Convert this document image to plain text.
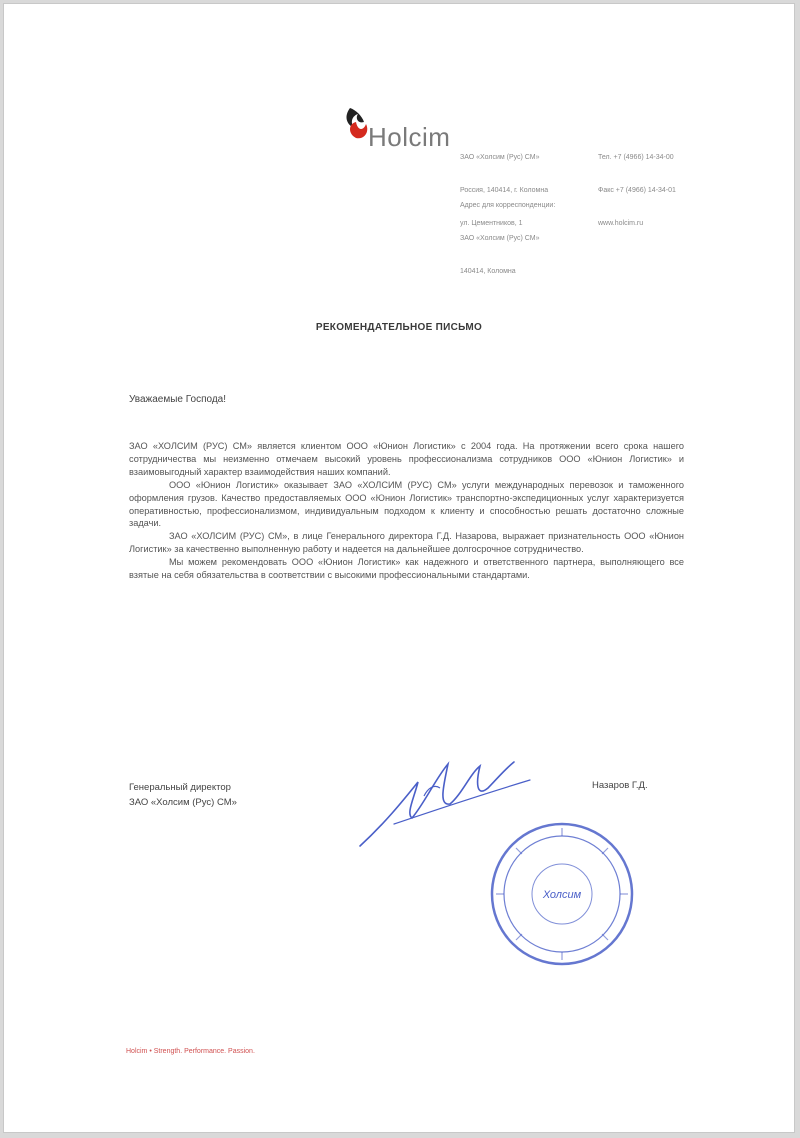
Holcim

ЗАО «Холсим (Рус) СМ»

Россия, 140414, г. Коломна

ул. Цементников, 1

Тел. +7 (4966) 14-34-00

Факс +7 (4966) 14-34-01

www.holcim.ru

Адрес для корреспонденции:

ЗАО «Холсим (Рус) СМ»

140414, Коломна

РЕКОМЕНДАТЕЛЬНОЕ ПИСЬМО
Уважаемые Господа!

ЗАО «ХОЛСИМ (РУС) СМ» является клиентом ООО «Юнион Логистик» с 2004 года. На протяжении всего срока нашего сотрудничества мы неизменно отмечаем высокий уровень профессионализма сотрудников ООО «Юнион Логистик» и взаимовыгодный характер взаимодействия наших компаний.

ООО «Юнион Логистик» оказывает ЗАО «ХОЛСИМ (РУС) СМ» услуги международных перевозок и таможенного оформления грузов. Качество предоставляемых ООО «Юнион Логистик» транспортно-экспедиционных услуг характеризуется оперативностью, профессионализмом, индивидуальным подходом к клиенту и способностью решать достаточно сложные задачи.

ЗАО «ХОЛСИМ (РУС) СМ», в лице Генерального директора Г.Д. Назарова, выражает признательность ООО «Юнион Логистик» за качественно выполненную работу и надеется на дальнейшее долгосрочное сотрудничество.

Мы можем рекомендовать ООО «Юнион Логистик» как надежного и ответственного партнера, выполняющего все взятые на себя обязательства в соответствии с высокими профессиональными стандартами.

Генеральный директор
ЗАО «Холсим (Рус) СМ»
Назаров Г.Д.
Холсим
Holcim • Strength. Performance. Passion.
